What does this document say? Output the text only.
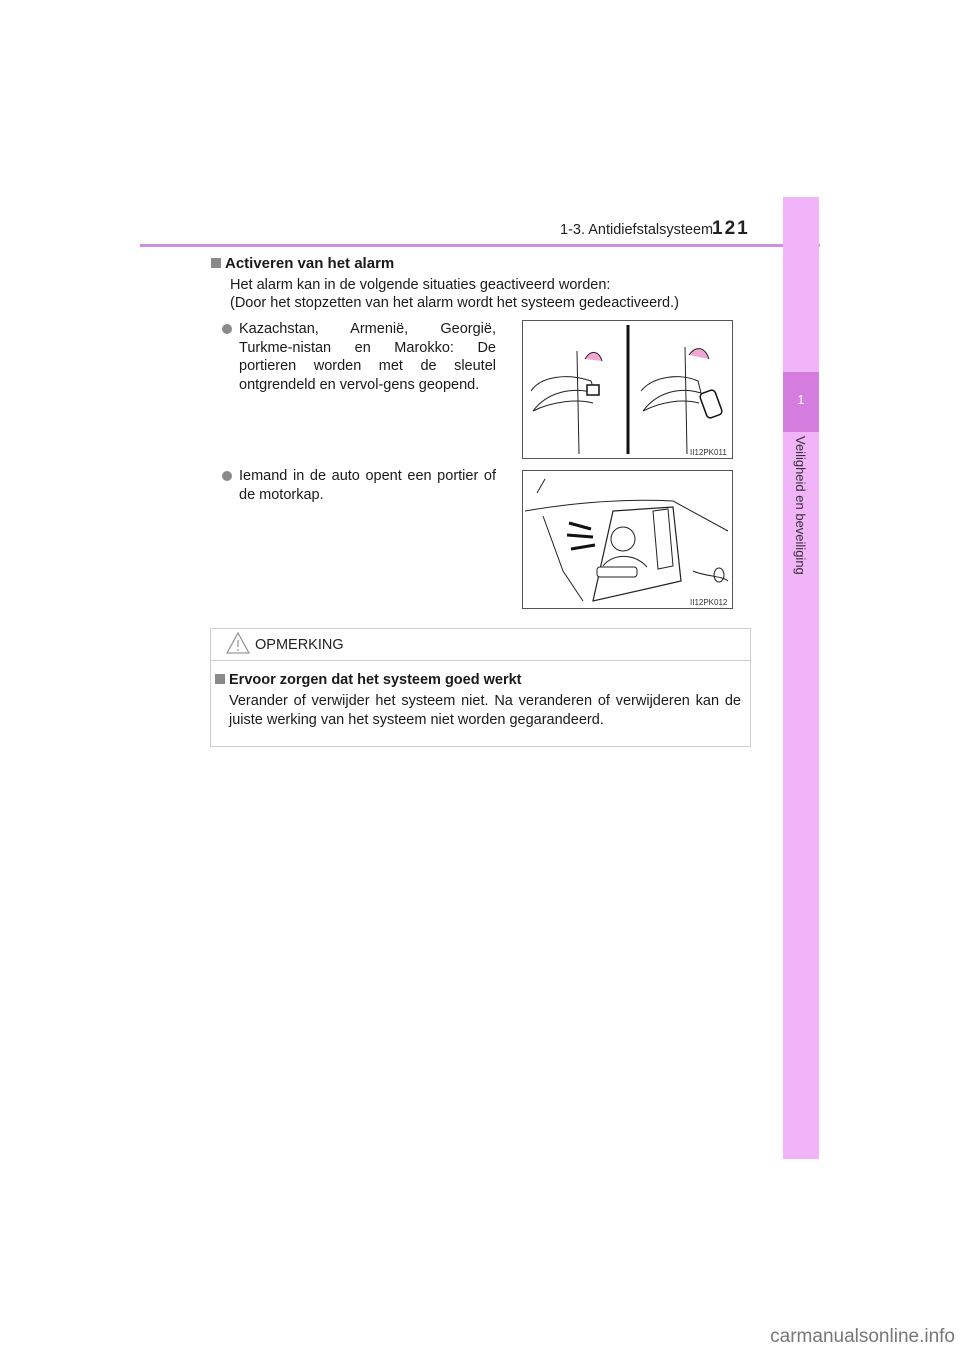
1-3. Antidiefstalsysteem
121
1
Veiligheid en beveiliging
Activeren van het alarm
Het alarm kan in de volgende situaties geactiveerd worden:
(Door het stopzetten van het alarm wordt het systeem gedeactiveerd.)
Kazachstan, Armenië, Georgië, Turkme-nistan en Marokko: De portieren worden met de sleutel ontgrendeld en vervol-gens geopend.
II12PK011
Iemand in de auto opent een portier of de motorkap.
II12PK012
OPMERKING
Ervoor zorgen dat het systeem goed werkt
Verander of verwijder het systeem niet. Na veranderen of verwijderen kan de juiste werking van het systeem niet worden gegarandeerd.
carmanualsonline.info
